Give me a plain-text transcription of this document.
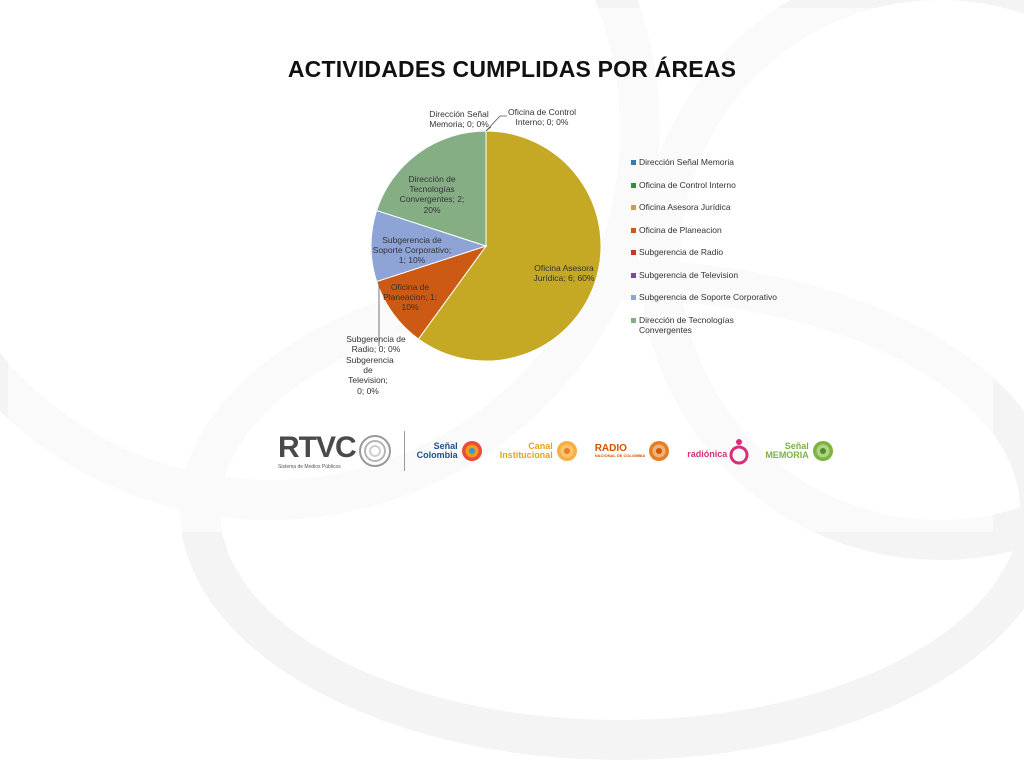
ACTIVIDADES CUMPLIDAS POR ÁREAS
Dirección Señal Memoria; 0; 0%
Oficina de Control Interno; 0; 0%
Oficina Asesora Jurídica; 6; 60%
Oficina de Planeacion; 1; 10%
Subgerencia de Radio; 0; 0%
Subgerencia de Television; 0; 0%
Subgerencia de Soporte Corporativo; 1; 10%
Dirección de Tecnologías Convergentes; 2; 20%
Dirección Señal Memoria
Oficina de Control Interno
Oficina Asesora Jurídica
Oficina de Planeacion
Subgerencia de Radio
Subgerencia de Television
Subgerencia de Soporte Corporativo
Dirección de Tecnologías Convergentes
RTVC
Sistema de Medios Públicos
Señal
Colombia
Canal
Institucional
RADIO
NACIONAL DE COLOMBIA	radiónica
Señal
MEMORIA
